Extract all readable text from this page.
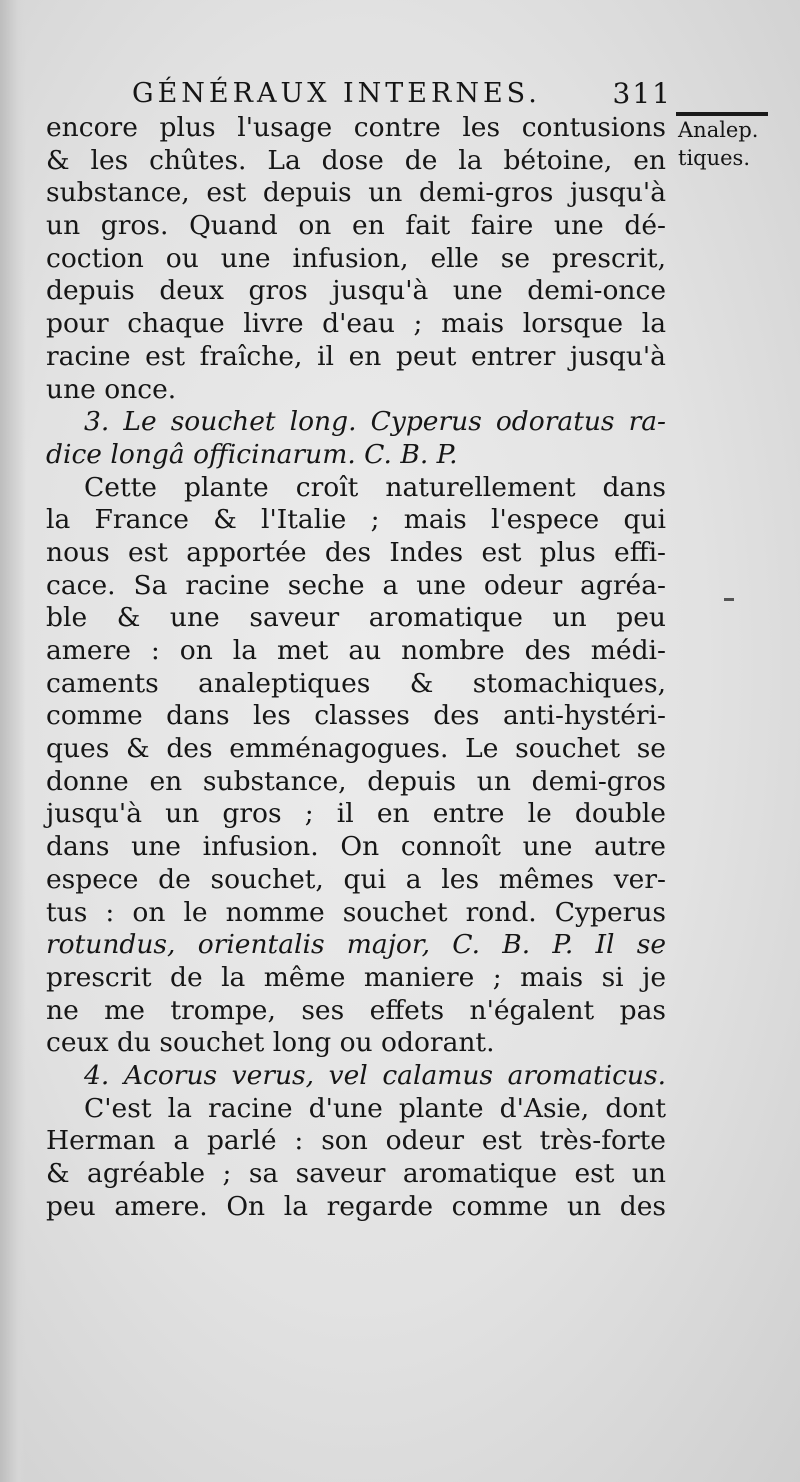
GÉNÉRAUX INTERNES.	311
Analep.
tiques.
encore plus l'usage contre les contusions
& les chûtes. La dose de la bétoine, en
substance, est depuis un demi-gros jusqu'à
un gros. Quand on en fait faire une dé-
coction ou une infusion, elle se prescrit,
depuis deux gros jusqu'à une demi-once
pour chaque livre d'eau ; mais lorsque la
racine est fraîche, il en peut entrer jusqu'à
une once.
3. Le souchet long. Cyperus odoratus ra-
dice longâ officinarum. C. B. P.
Cette plante croît naturellement dans
la France & l'Italie ; mais l'espece qui
nous est apportée des Indes est plus effi-
cace. Sa racine seche a une odeur agréa-
ble & une saveur aromatique un peu
amere : on la met au nombre des médi-
caments analeptiques & stomachiques,
comme dans les classes des anti-hystéri-
ques & des emménagogues. Le souchet se
donne en substance, depuis un demi-gros
jusqu'à un gros ; il en entre le double
dans une infusion. On connoît une autre
espece de souchet, qui a les mêmes ver-
tus : on le nomme souchet rond. Cyperus
rotundus, orientalis major, C. B. P. Il se
prescrit de la même maniere ; mais si je
ne me trompe, ses effets n'égalent pas
ceux du souchet long ou odorant.
4. Acorus verus, vel calamus aromaticus.
C'est la racine d'une plante d'Asie, dont
Herman a parlé : son odeur est très-forte
& agréable ; sa saveur aromatique est un
peu amere. On la regarde comme un des
